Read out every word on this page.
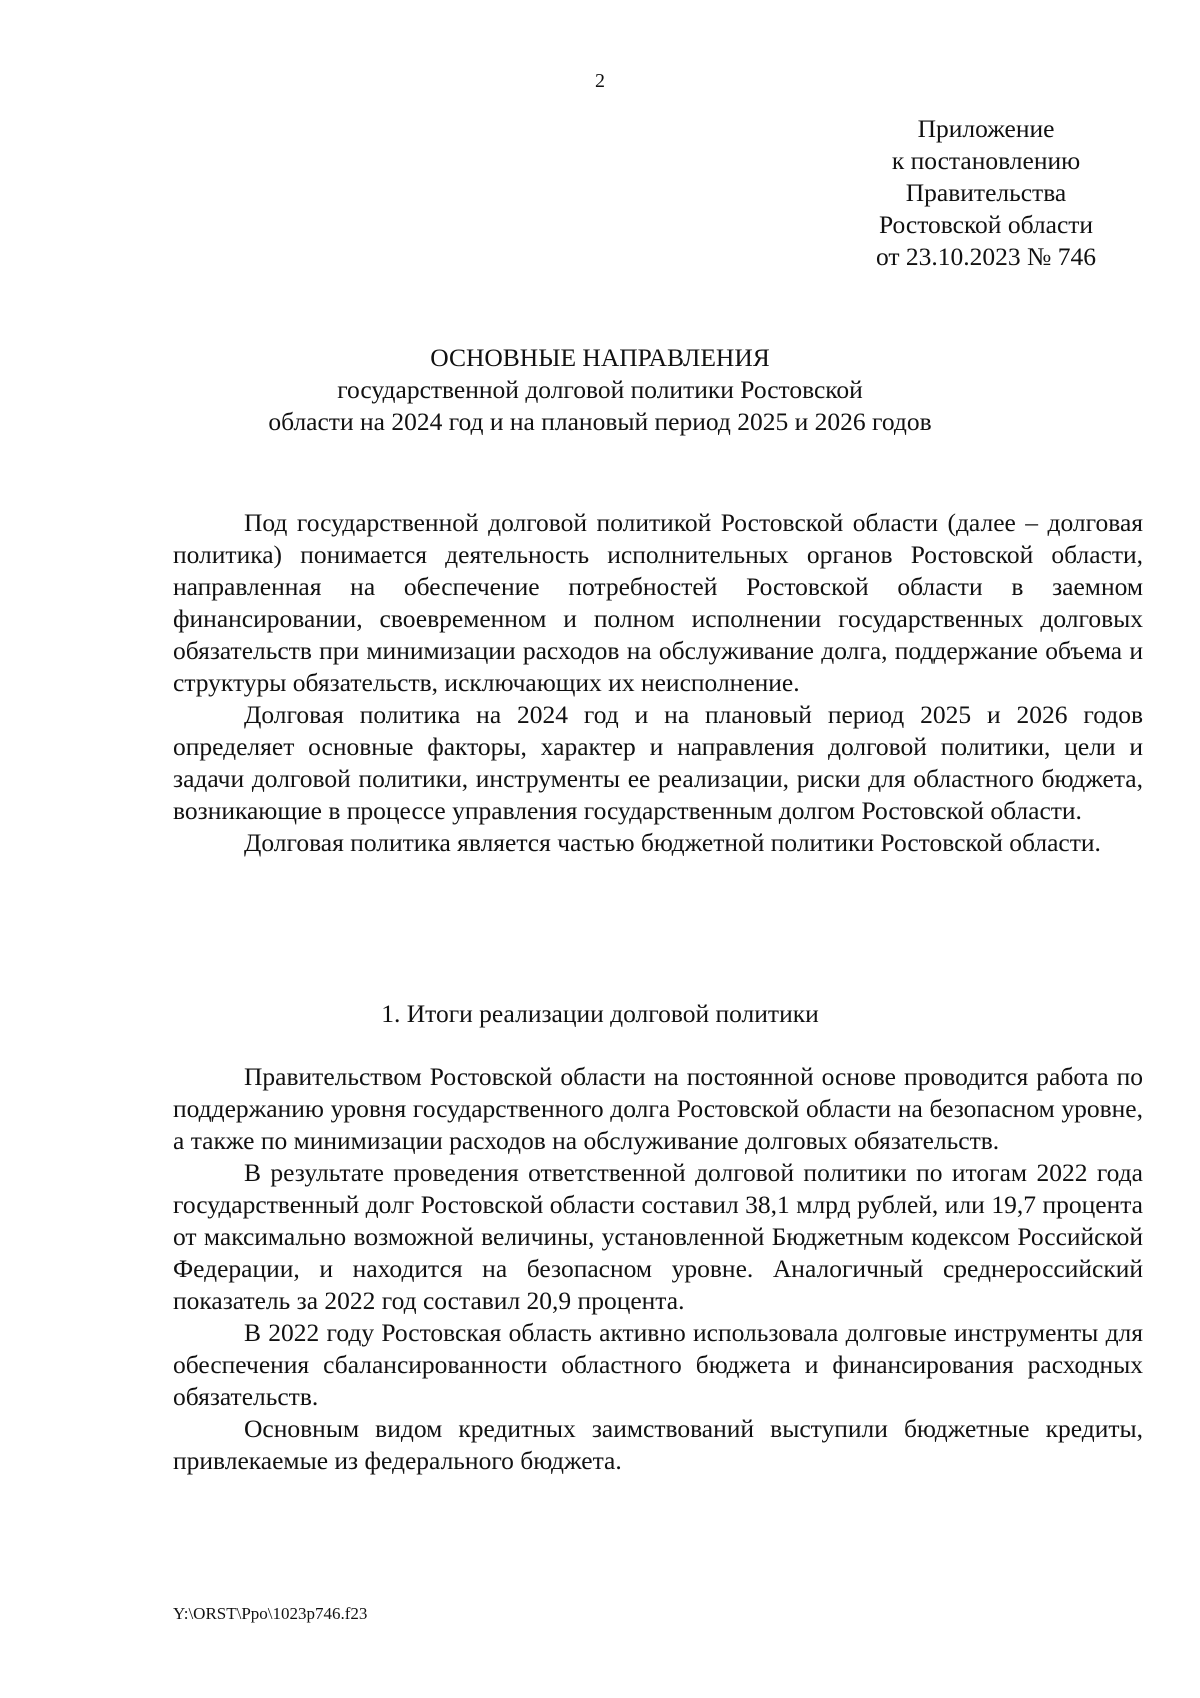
2
Приложение
к постановлению
Правительства
Ростовской области
от 23.10.2023 № 746
ОСНОВНЫЕ НАПРАВЛЕНИЯ
государственной долговой политики Ростовской
области на 2024 год и на плановый период 2025 и 2026 годов

Под государственной долговой политикой Ростовской области (далее – долговая политика) понимается деятельность исполнительных органов Ростовской области, направленная на обеспечение потребностей Ростовской области в заемном финансировании, своевременном и полном исполнении государственных долговых обязательств при минимизации расходов на обслуживание долга, поддержание объема и структуры обязательств, исключающих их неисполнение.

Долговая политика на 2024 год и на плановый период 2025 и 2026 годов определяет основные факторы, характер и направления долговой политики, цели и задачи долговой политики, инструменты ее реализации, риски для областного бюджета, возникающие в процессе управления государственным долгом Ростовской области.

Долговая политика является частью бюджетной политики Ростовской области.

1. Итоги реализации долговой политики

Правительством Ростовской области на постоянной основе проводится работа по поддержанию уровня государственного долга Ростовской области на безопасном уровне, а также по минимизации расходов на обслуживание долговых обязательств.

В результате проведения ответственной долговой политики по итогам 2022 года государственный долг Ростовской области составил 38,1 млрд рублей, или 19,7 процента от максимально возможной величины, установленной Бюджетным кодексом Российской Федерации, и находится на безопасном уровне. Аналогичный среднероссийский показатель за 2022 год составил 20,9 процента.

В 2022 году Ростовская область активно использовала долговые инструменты для обеспечения сбалансированности областного бюджета и финансирования расходных обязательств.

Основным видом кредитных заимствований выступили бюджетные кредиты, привлекаемые из федерального бюджета.

Y:\ORST\Ppo\1023p746.f23
